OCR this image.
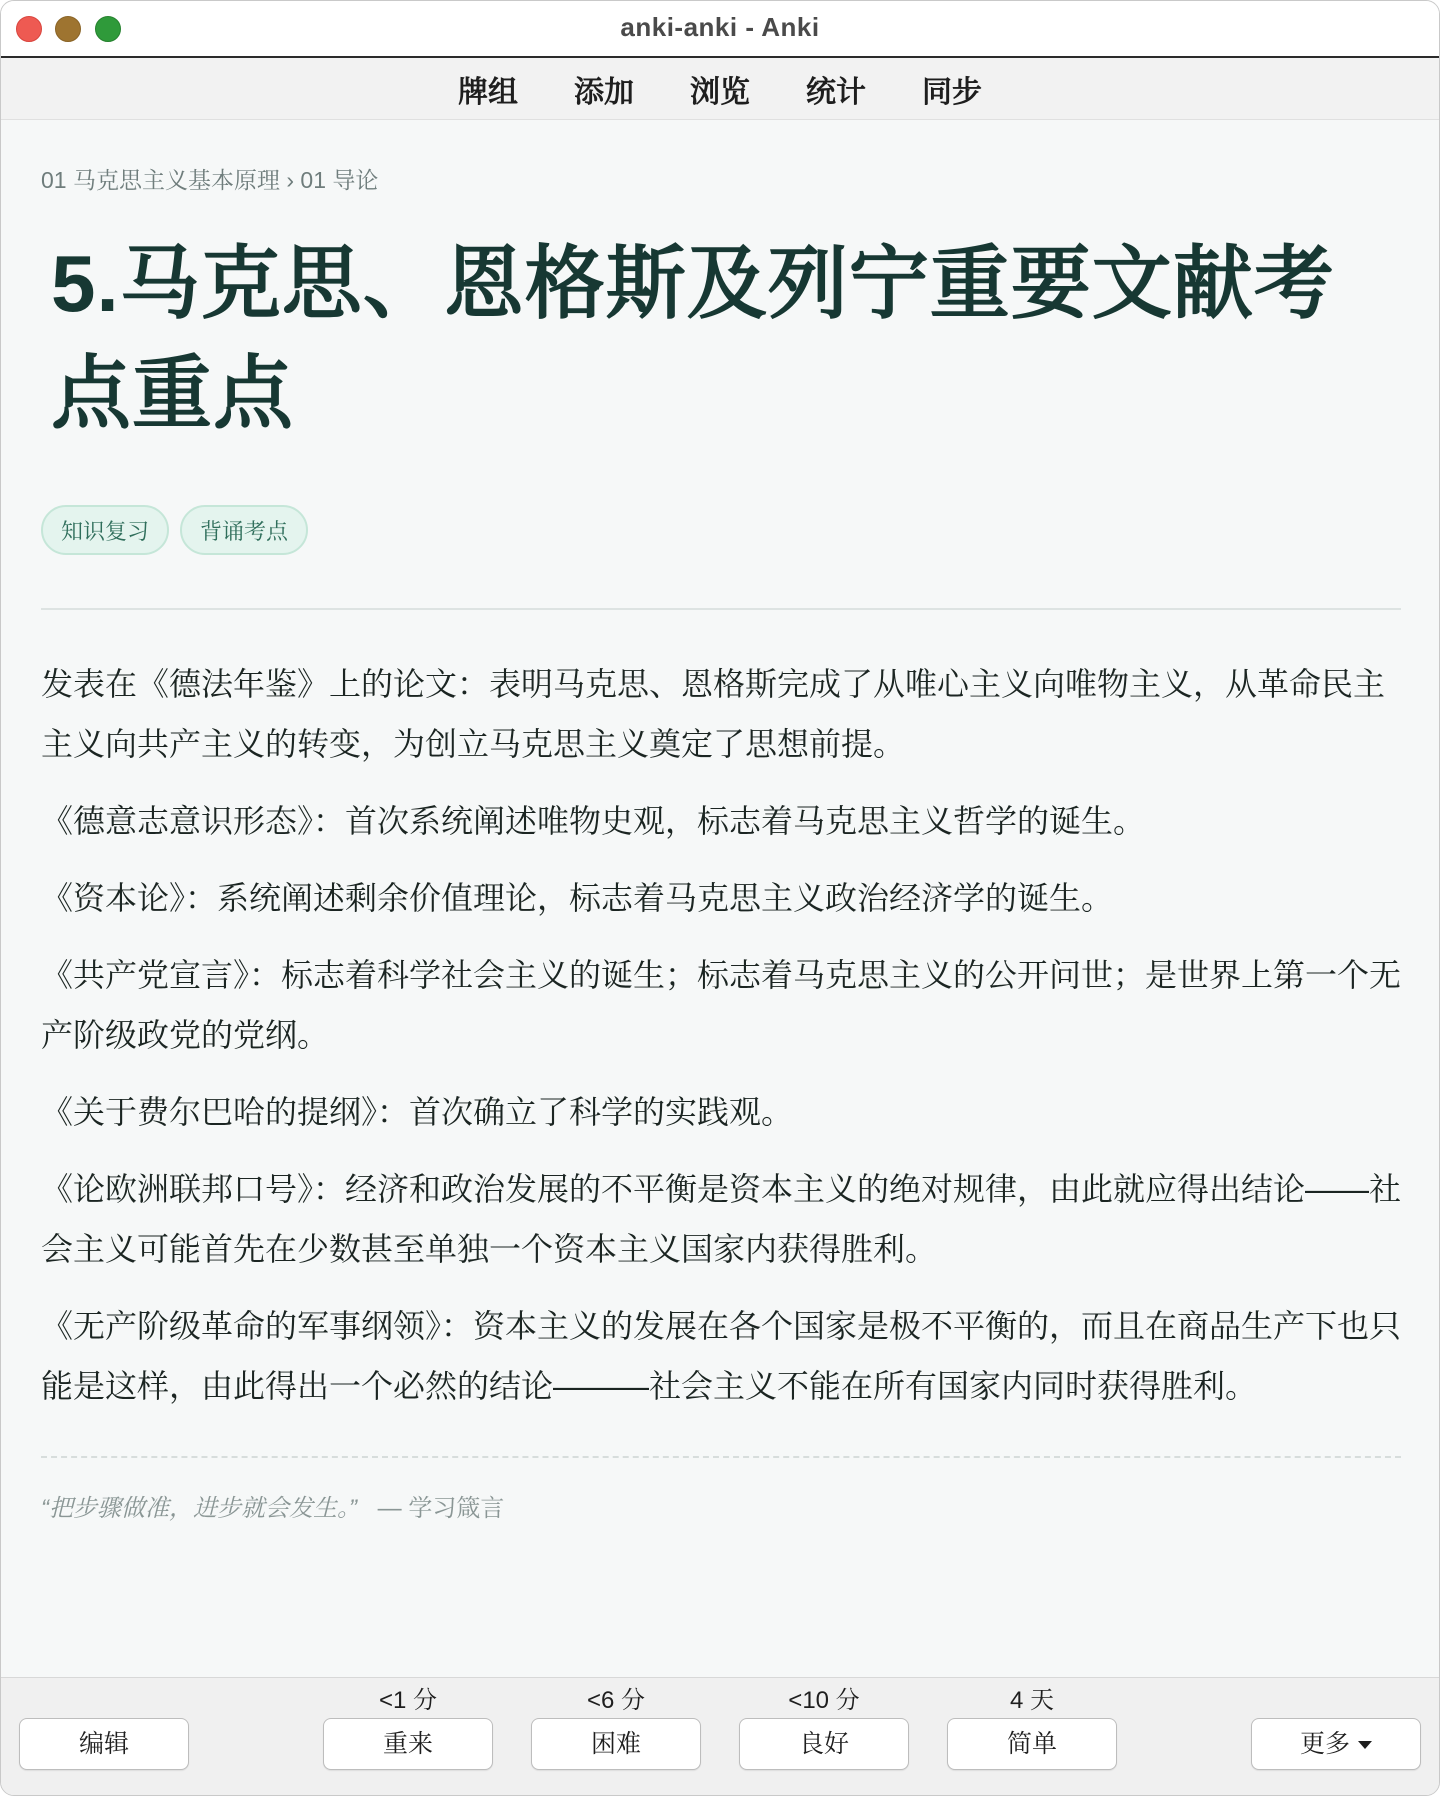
anki-anki - Anki
牌组 添加 浏览 统计 同步
01 马克思主义基本原理 › 01 导论
5.马克思、恩格斯及列宁重要文献考点重点
知识复习	背诵考点

发表在《德法年鉴》上的论文：表明马克思、恩格斯完成了从唯心主义向唯物主义，从革命民主主义向共产主义的转变，为创立马克思主义奠定了思想前提。

《德意志意识形态》：首次系统阐述唯物史观，标志着马克思主义哲学的诞生。

《资本论》：系统阐述剩余价值理论，标志着马克思主义政治经济学的诞生。

《共产党宣言》：标志着科学社会主义的诞生；标志着马克思主义的公开问世；是世界上第一个无产阶级政党的党纲。

《关于费尔巴哈的提纲》：首次确立了科学的实践观。

《论欧洲联邦口号》：经济和政治发展的不平衡是资本主义的绝对规律，由此就应得出结论——社会主义可能首先在少数甚至单独一个资本主义国家内获得胜利。

《无产阶级革命的军事纲领》：资本主义的发展在各个国家是极不平衡的，而且在商品生产下也只能是这样，由此得出一个必然的结论———社会主义不能在所有国家内同时获得胜利。

“把步骤做准，进步就会发生。” — 学习箴言
编辑
<1 分
重来
<6 分
困难
<10 分
良好
4 天
简单	更多
